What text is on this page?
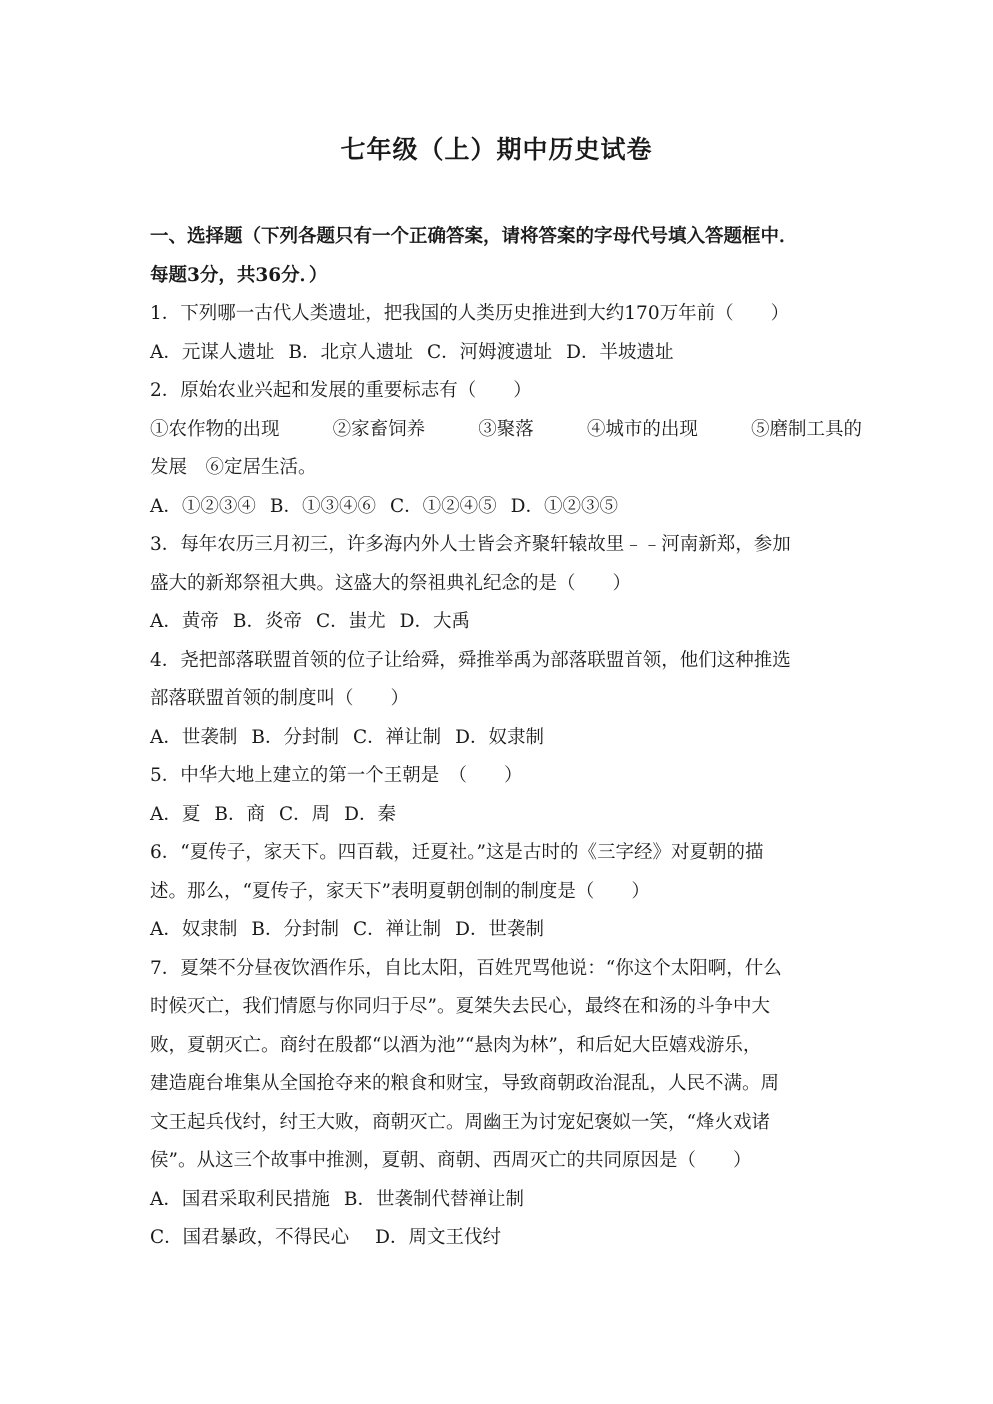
七年级（上）期中历史试卷
一、选择题（下列各题只有一个正确答案，请将答案的字母代号填入答题框中．
每题3分，共36分．）
1．下列哪一古代人类遗址，把我国的人类历史推进到大约170万年前（　　）
A．元谋人遗址 B．北京人遗址 C．河姆渡遗址 D．半坡遗址
2．原始农业兴起和发展的重要标志有（　　）
①农作物的出现	②家畜饲养	③聚落	④城市的出现	⑤磨制工具的
发展　⑥定居生活。
A．①②③④ B．①③④⑥ C．①②④⑤ D．①②③⑤
3．每年农历三月初三，许多海内外人士皆会齐聚轩辕故里﹣﹣河南新郑，参加
盛大的新郑祭祖大典。这盛大的祭祖典礼纪念的是（　　）
A．黄帝 B．炎帝 C．蚩尤 D．大禹
4．尧把部落联盟首领的位子让给舜，舜推举禹为部落联盟首领，他们这种推选
部落联盟首领的制度叫（　　）
A．世袭制 B．分封制 C．禅让制 D．奴隶制
5．中华大地上建立的第一个王朝是　（　　）
A．夏 B．商 C．周 D．秦
6．“夏传子，家天下。四百载，迁夏社。”这是古时的《三字经》对夏朝的描
述。那么，“夏传子，家天下”表明夏朝创制的制度是（　　）
A．奴隶制 B．分封制 C．禅让制 D．世袭制
7．夏桀不分昼夜饮酒作乐，自比太阳，百姓咒骂他说：“你这个太阳啊，什么
时候灭亡，我们情愿与你同归于尽”。夏桀失去民心，最终在和汤的斗争中大
败，夏朝灭亡。商纣在殷都“以酒为池”“悬肉为林”，和后妃大臣嬉戏游乐，
建造鹿台堆集从全国抢夺来的粮食和财宝，导致商朝政治混乱，人民不满。周
文王起兵伐纣，纣王大败，商朝灭亡。周幽王为讨宠妃褒姒一笑，“烽火戏诸
侯”。从这三个故事中推测，夏朝、商朝、西周灭亡的共同原因是（　　）
A．国君采取利民措施 B．世袭制代替禅让制
C．国君暴政，不得民心 D．周文王伐纣
